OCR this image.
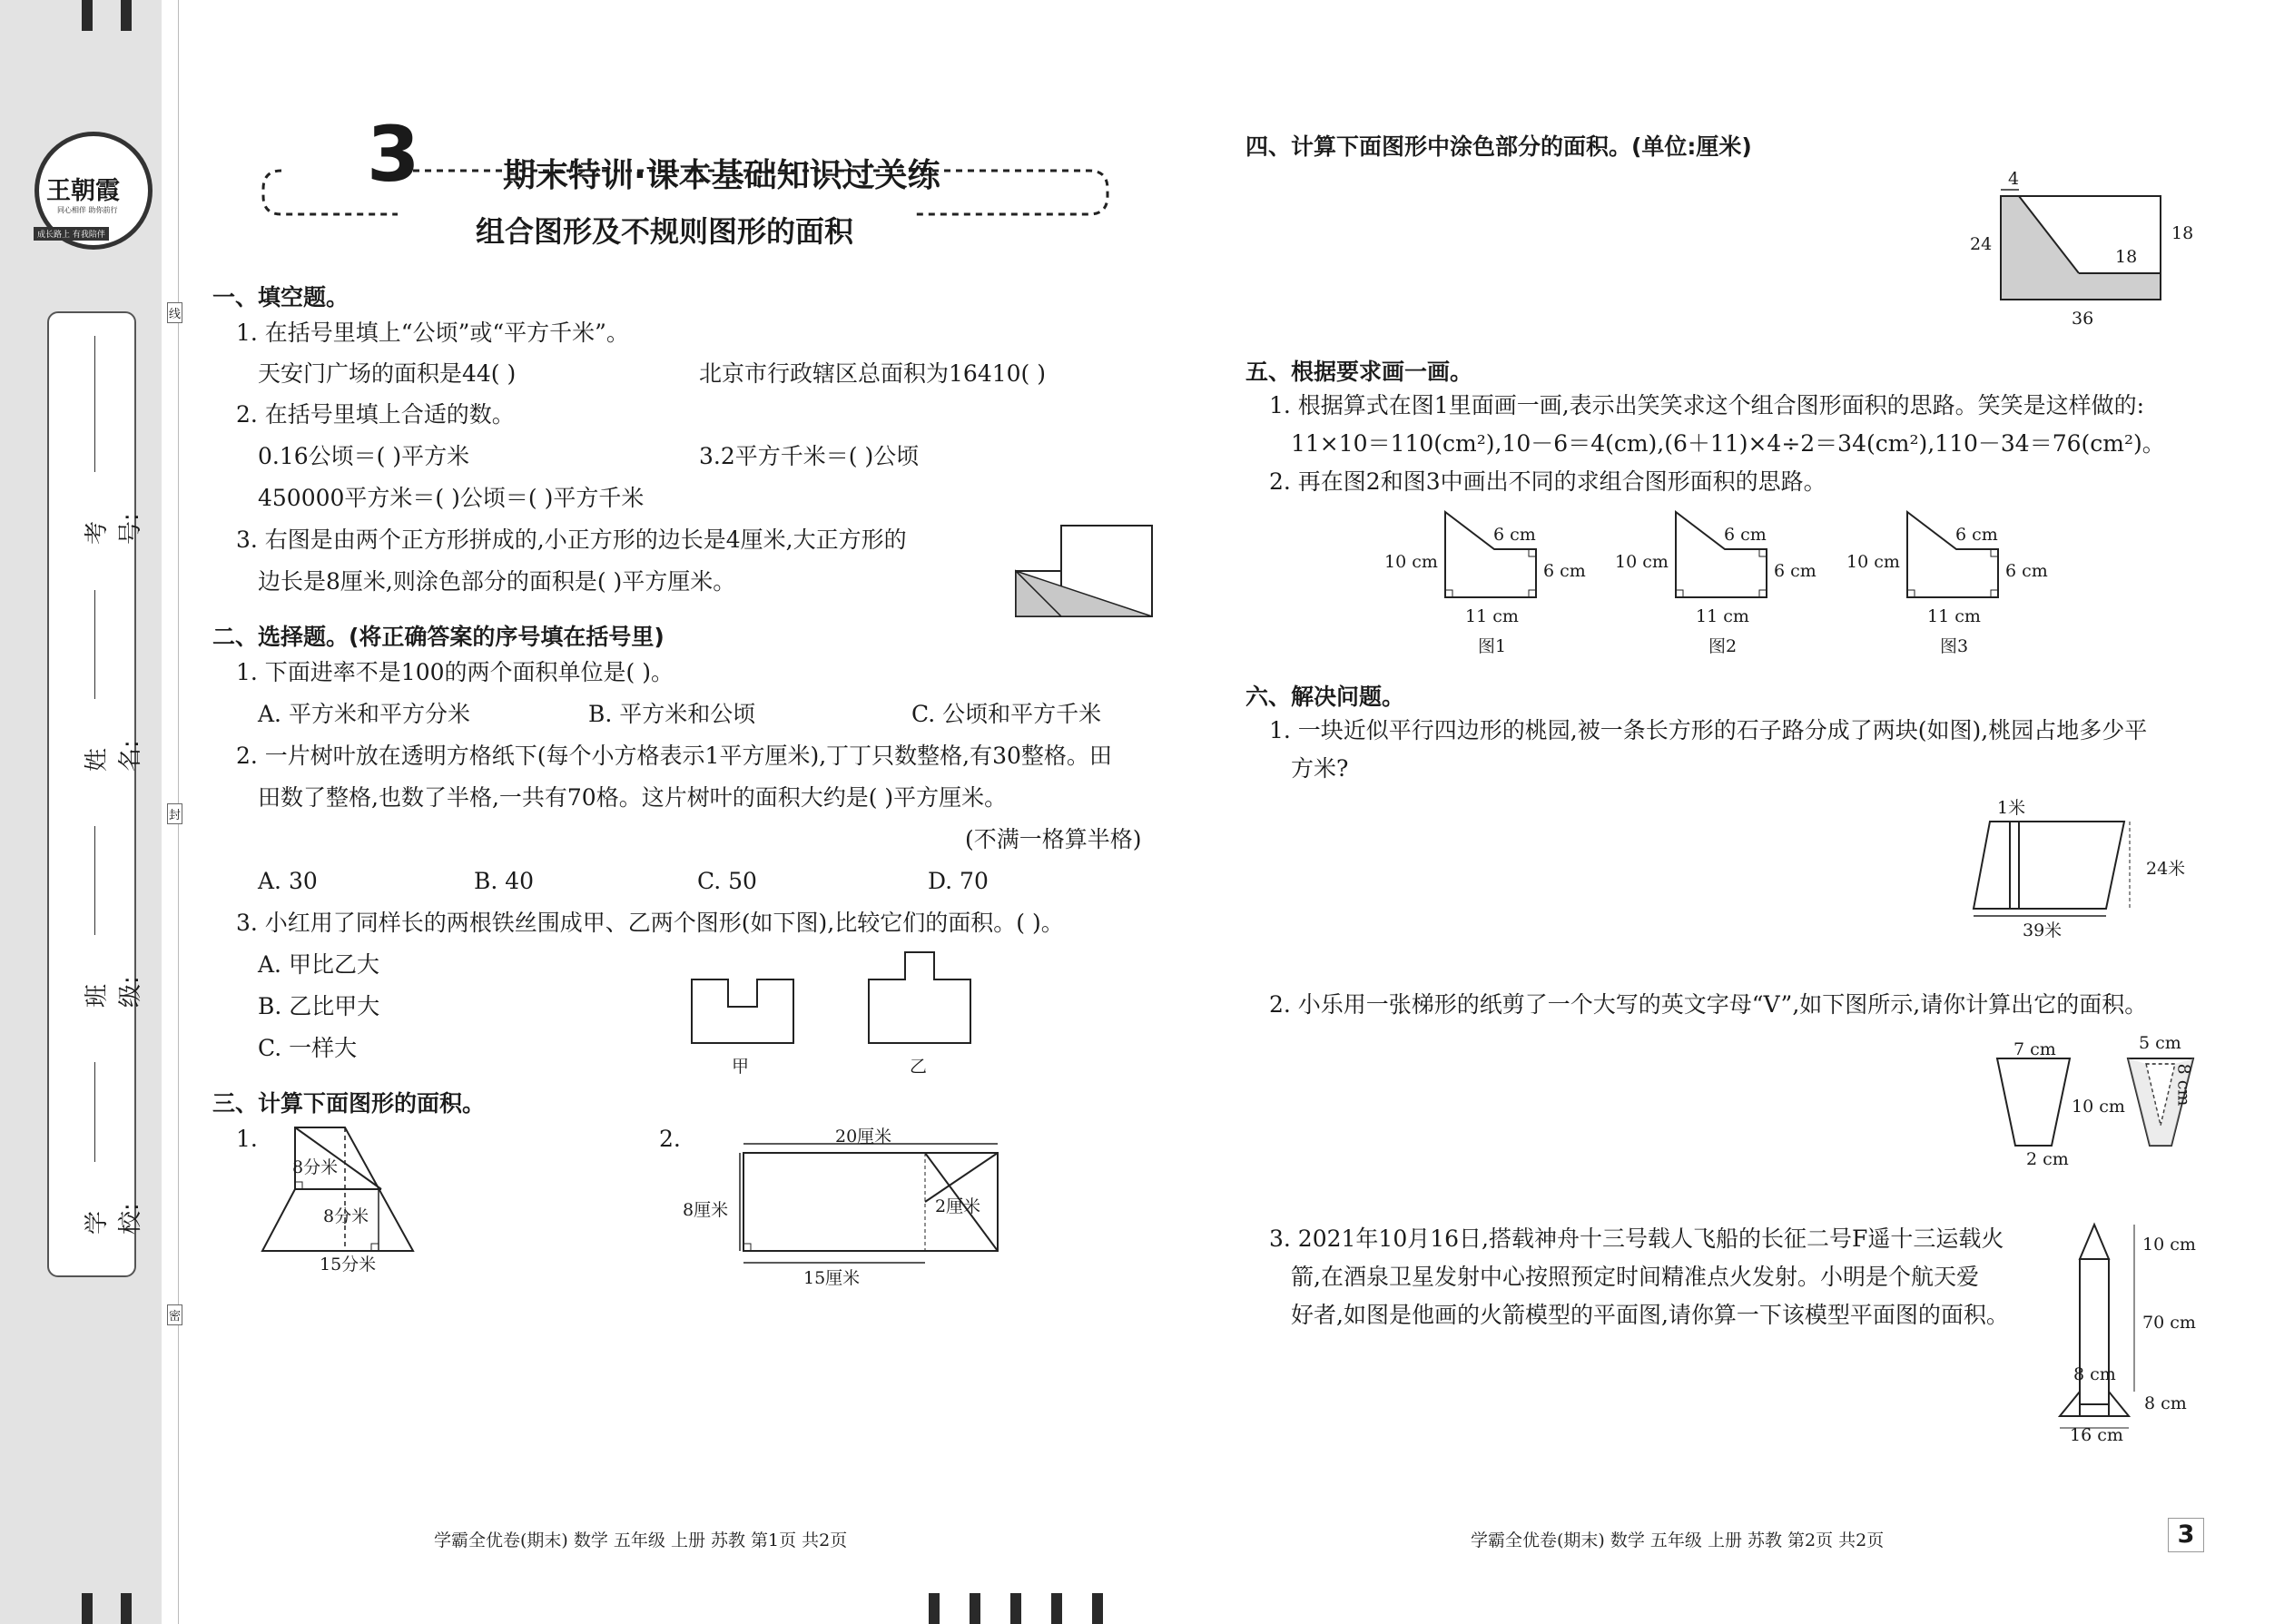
王朝霞
同心相伴 助你前行
成长路上 有我陪伴
考号:
姓名:
班级:
学校:
线
封
密
3	期末特训·课本基础知识过关练
组合图形及不规则图形的面积
一、填空题。
1. 在括号里填上“公顷”或“平方千米”。
天安门广场的面积是44( )	北京市行政辖区总面积为16410( )
2. 在括号里填上合适的数。
0.16公顷＝( )平方米	3.2平方千米＝( )公顷
450000平方米＝( )公顷＝( )平方千米
3. 右图是由两个正方形拼成的,小正方形的边长是4厘米,大正方形的
边长是8厘米,则涂色部分的面积是( )平方厘米。
二、选择题。(将正确答案的序号填在括号里)
1. 下面进率不是100的两个面积单位是( )。
A. 平方米和平方分米	B. 平方米和公顷	C. 公顷和平方千米
2. 一片树叶放在透明方格纸下(每个小方格表示1平方厘米),丁丁只数整格,有30整格。田
田数了整格,也数了半格,一共有70格。这片树叶的面积大约是( )平方厘米。
(不满一格算半格)
A. 30	B. 40	C. 50	D. 70
3. 小红用了同样长的两根铁丝围成甲、乙两个图形(如下图),比较它们的面积。( )。
A. 甲比乙大
B. 乙比甲大
C. 一样大
甲	乙
三、计算下面图形的面积。
1.
8分米
8分米
15分米
2.	20厘米
8厘米	2厘米
15厘米
四、计算下面图形中涂色部分的面积。(单位:厘米)
4
24
18
18
36
五、根据要求画一画。
1. 根据算式在图1里面画一画,表示出笑笑求这个组合图形面积的思路。笑笑是这样做的:
11×10＝110(cm²),10－6＝4(cm),(6＋11)×4÷2＝34(cm²),110－34＝76(cm²)。
2. 再在图2和图3中画出不同的求组合图形面积的思路。
6 cm
10 cm	6 cm
11 cm
图1
6 cm
10 cm	6 cm
11 cm
图2
6 cm
10 cm	6 cm
11 cm
图3
六、解决问题。
1. 一块近似平行四边形的桃园,被一条长方形的石子路分成了两块(如图),桃园占地多少平
方米?
1米
24米
39米
2. 小乐用一张梯形的纸剪了一个大写的英文字母“V”,如下图所示,请你计算出它的面积。
7 cm
10 cm
2 cm
5 cm
8 cm
3. 2021年10月16日,搭载神舟十三号载人飞船的长征二号F遥十三运载火
箭,在酒泉卫星发射中心按照预定时间精准点火发射。小明是个航天爱
好者,如图是他画的火箭模型的平面图,请你算一下该模型平面图的面积。
10 cm
70 cm
8 cm
8 cm
16 cm
学霸全优卷(期末) 数学 五年级 上册 苏教 第1页 共2页	学霸全优卷(期末) 数学 五年级 上册 苏教 第2页 共2页	3
